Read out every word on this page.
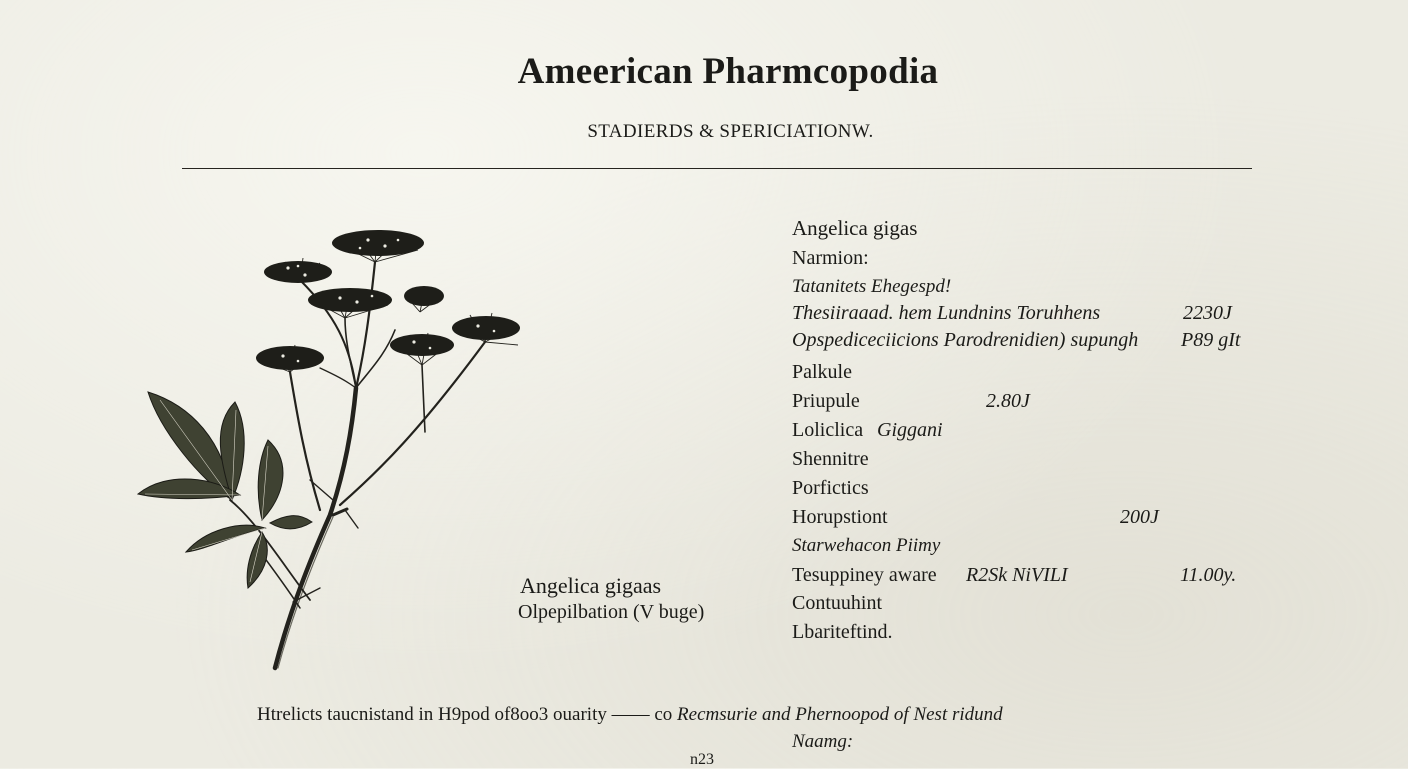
Ameerican Pharmcopodia
STADIERDS & SPERICIATIONW.
Angelica gigaas
Olpepilbation (V buge)
Angelica gigas
Narmion:
Tatanitets Ehegespd!
Thesiiraaad. hem Lundnins Toruhhens	2230J
Opspediceciicions Parodrenidien) supungh P89 gIt
Palkule
Priupule	2.80J
Loliclica Giggani
Shennitre
Porfictics
Horupstiont	200J
Starwehacon Piimy
Tesuppiney aware R2Sk NiVILI	11.00y.
Contuuhint
Lbariteftind.
Htrelicts taucnistand in H9pod of8oo3 ouarity —— co Recmsurie and Phernoopod of Nest ridund
Naamg:
n23
